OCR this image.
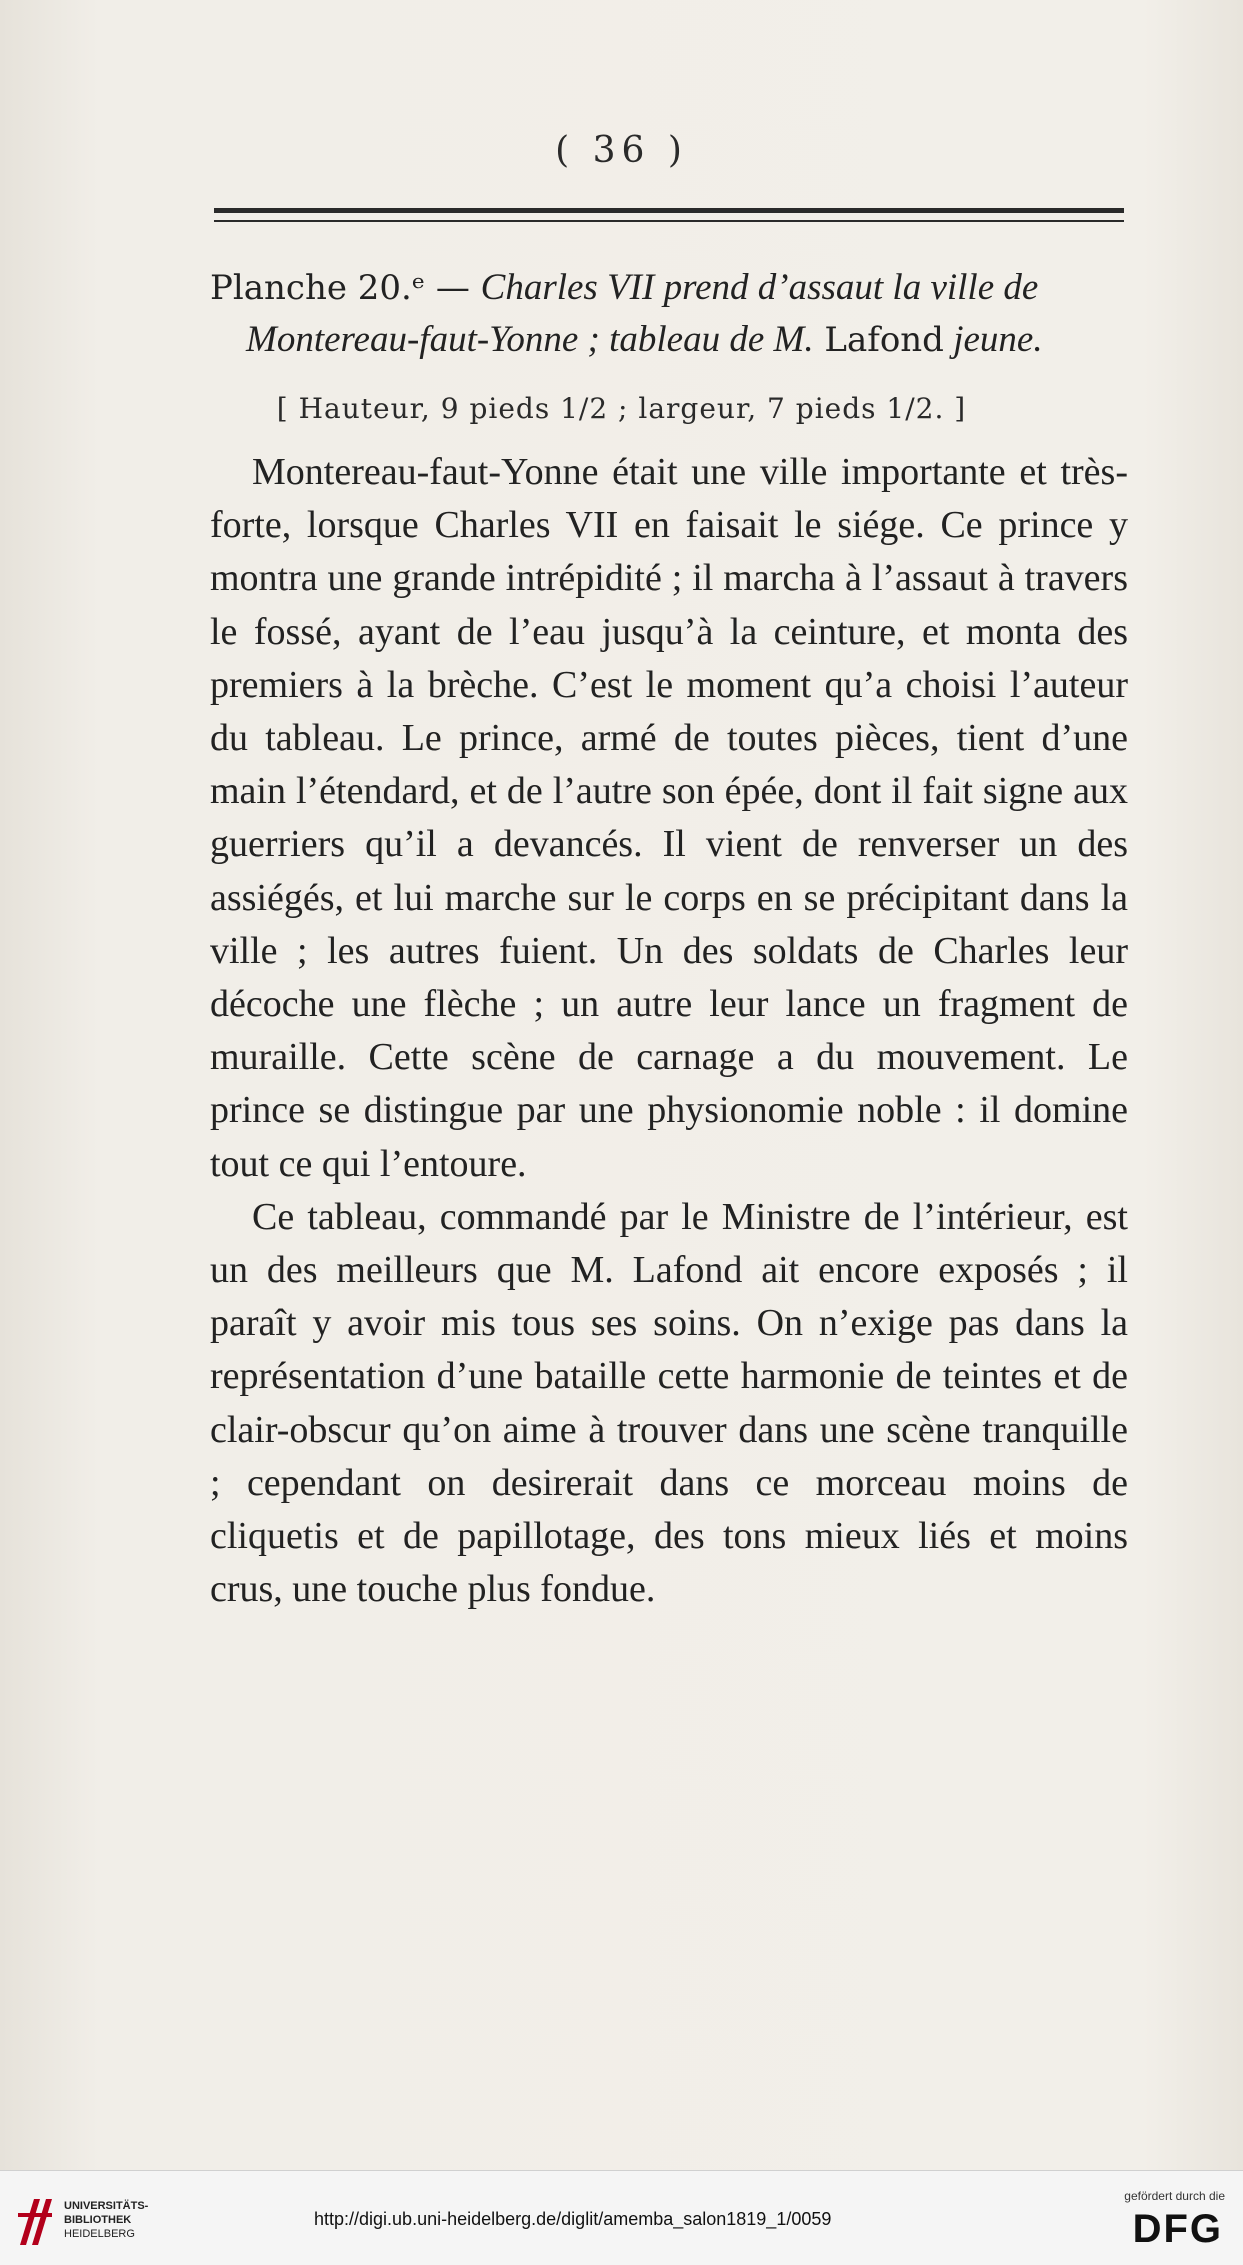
( 36 )
Planche 20.ᵉ — Charles VII prend d’assaut la ville de
Montereau-faut-Yonne ; tableau de M. Lafond jeune.
[ Hauteur, 9 pieds 1/2 ; largeur, 7 pieds 1/2. ]

Montereau-faut-Yonne était une ville importante et très-forte, lorsque Charles VII en faisait le siége. Ce prince y montra une grande intrépidité ; il marcha à l’assaut à travers le fossé, ayant de l’eau jusqu’à la ceinture, et monta des premiers à la brèche. C’est le moment qu’a choisi l’auteur du tableau. Le prince, armé de toutes pièces, tient d’une main l’étendard, et de l’autre son épée, dont il fait signe aux guerriers qu’il a devancés. Il vient de renverser un des assiégés, et lui marche sur le corps en se précipitant dans la ville ; les autres fuient. Un des soldats de Charles leur décoche une flèche ; un autre leur lance un fragment de muraille. Cette scène de carnage a du mouvement. Le prince se distingue par une physionomie noble : il domine tout ce qui l’entoure.

Ce tableau, commandé par le Ministre de l’intérieur, est un des meilleurs que M. Lafond ait encore exposés ; il paraît y avoir mis tous ses soins. On n’exige pas dans la représentation d’une bataille cette harmonie de teintes et de clair-obscur qu’on aime à trouver dans une scène tranquille ; cependant on desirerait dans ce morceau moins de cliquetis et de papillotage, des tons mieux liés et moins crus, une touche plus fondue.

UNIVERSITÄTS-
BIBLIOTHEK
HEIDELBERG
http://digi.ub.uni-heidelberg.de/diglit/amemba_salon1819_1/0059
gefördert durch die
DFG
